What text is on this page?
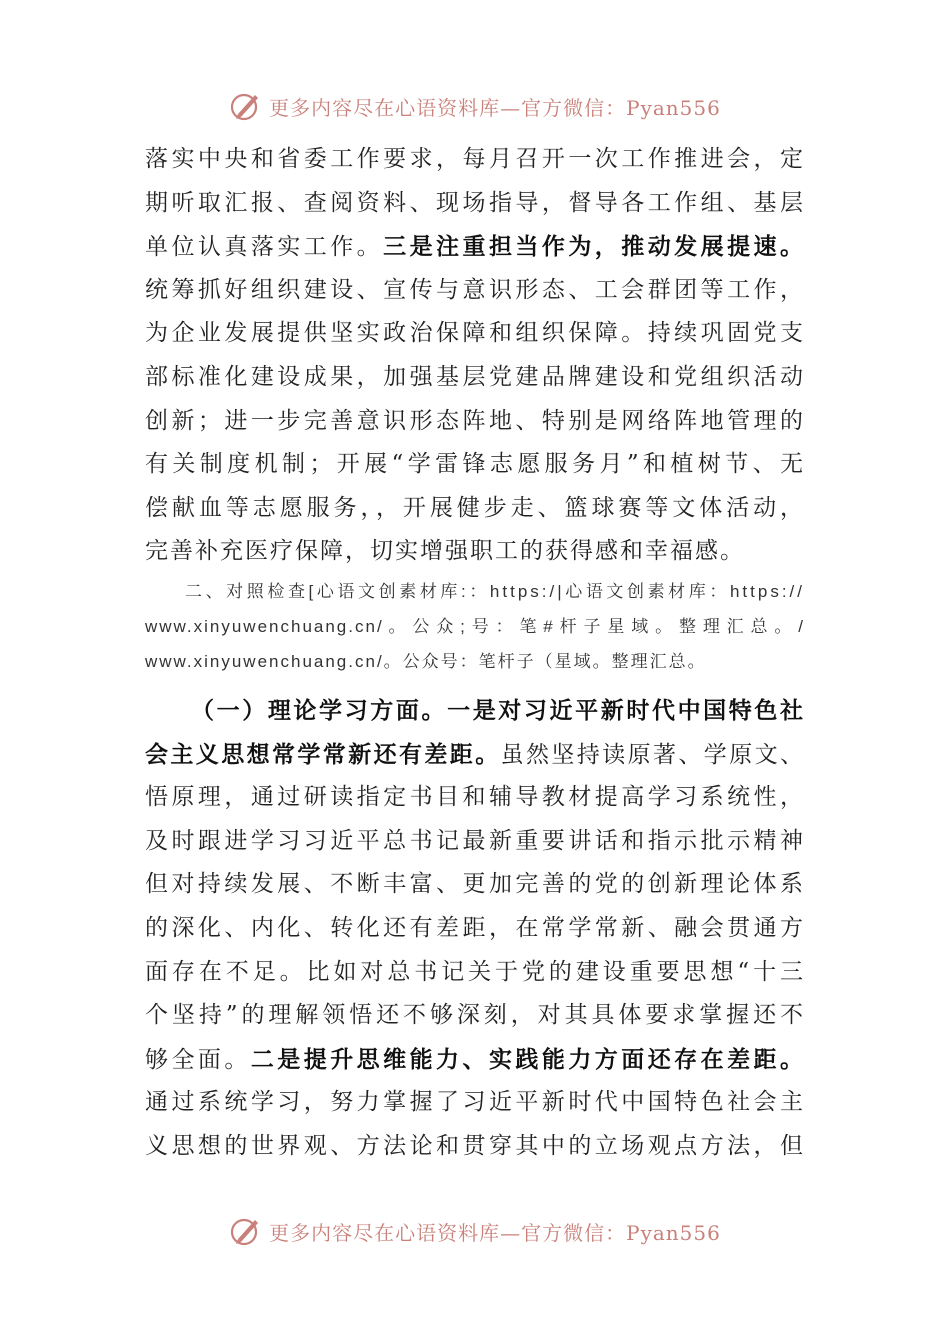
更多内容尽在心语资料库—官方微信：Pyan556
落实中央和省委工作要求，每月召开一次工作推进会，定
期听取汇报、查阅资料、现场指导，督导各工作组、基层
单位认真落实工作。三是注重担当作为，推动发展提速。
统筹抓好组织建设、宣传与意识形态、工会群团等工作，
为企业发展提供坚实政治保障和组织保障。持续巩固党支
部标准化建设成果，加强基层党建品牌建设和党组织活动
创新；进一步完善意识形态阵地、特别是网络阵地管理的
有关制度机制；开展“学雷锋志愿服务月”和植树节、无
偿献血等志愿服务，，开展健步走、篮球赛等文体活动，
完善补充医疗保障，切实增强职工的获得感和幸福感。
二、对照检查[心语文创素材库:：https:/|心语文创素材库：https://
www.xinyuwenchuang.cn/。公众;号：笔#杆子星域。整理汇总。/
www.xinyuwenchuang.cn/。公众号：笔杆子（星域。整理汇总。
（一）理论学习方面。一是对习近平新时代中国特色社
会主义思想常学常新还有差距。虽然坚持读原著、学原文、
悟原理，通过研读指定书目和辅导教材提高学习系统性，
及时跟进学习习近平总书记最新重要讲话和指示批示精神
但对持续发展、不断丰富、更加完善的党的创新理论体系
的深化、内化、转化还有差距，在常学常新、融会贯通方
面存在不足。比如对总书记关于党的建设重要思想“十三
个坚持”的理解领悟还不够深刻，对其具体要求掌握还不
够全面。二是提升思维能力、实践能力方面还存在差距。
通过系统学习，努力掌握了习近平新时代中国特色社会主
义思想的世界观、方法论和贯穿其中的立场观点方法，但
更多内容尽在心语资料库—官方微信：Pyan556
